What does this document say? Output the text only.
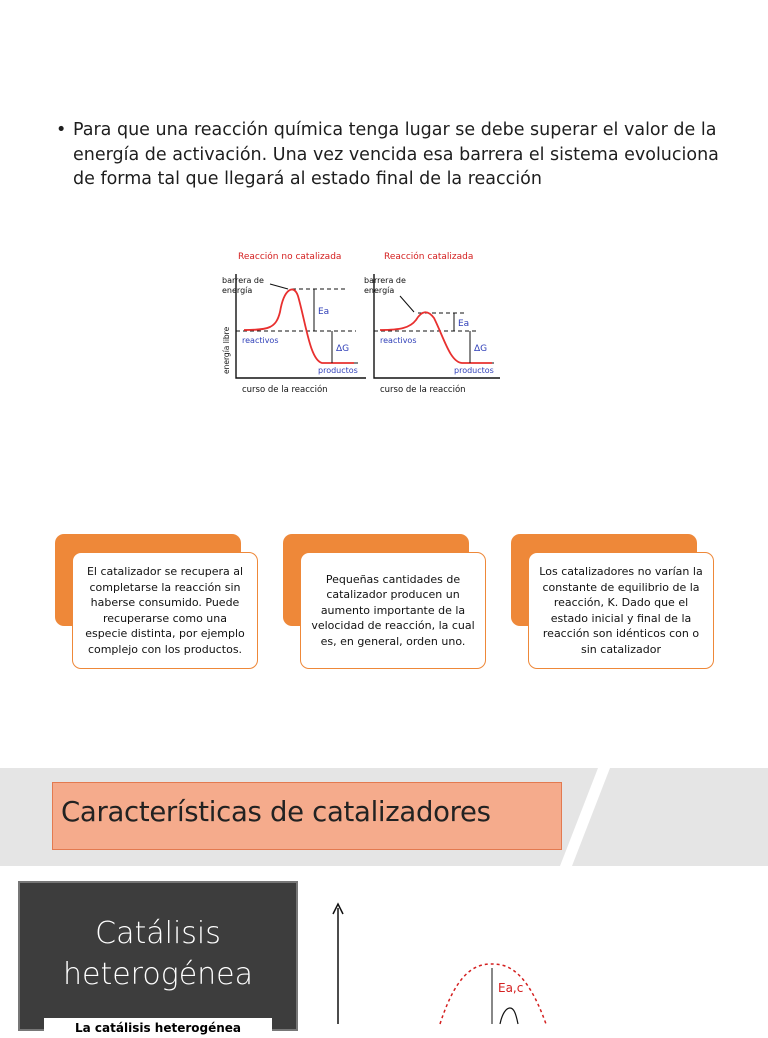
• Para que una reacción química tenga lugar se debe superar el valor de la energía de activación. Una vez vencida esa barrera el sistema evoluciona de forma tal que llegará al estado final de la reacción
Reacción no catalizada	Reacción catalizada
barrera de
energía
Ea
reactivos
ΔG
productos
energía libre
curso de la reacción
barrera de
energía
Ea
reactivos
ΔG
productos
curso de la reacción
El catalizador se recupera al completarse la reacción sin haberse consumido. Puede recuperarse como una especie distinta, por ejemplo complejo con los productos.
Pequeñas cantidades de catalizador producen un aumento importante de la velocidad de reacción, la cual es, en general, orden uno.
Los catalizadores no varían la constante de equilibrio de la reacción, K. Dado que el estado inicial y final de la reacción son idénticos con o sin catalizador
Características de catalizadores
Catálisis heterogénea
La catálisis heterogénea
Ea,c
